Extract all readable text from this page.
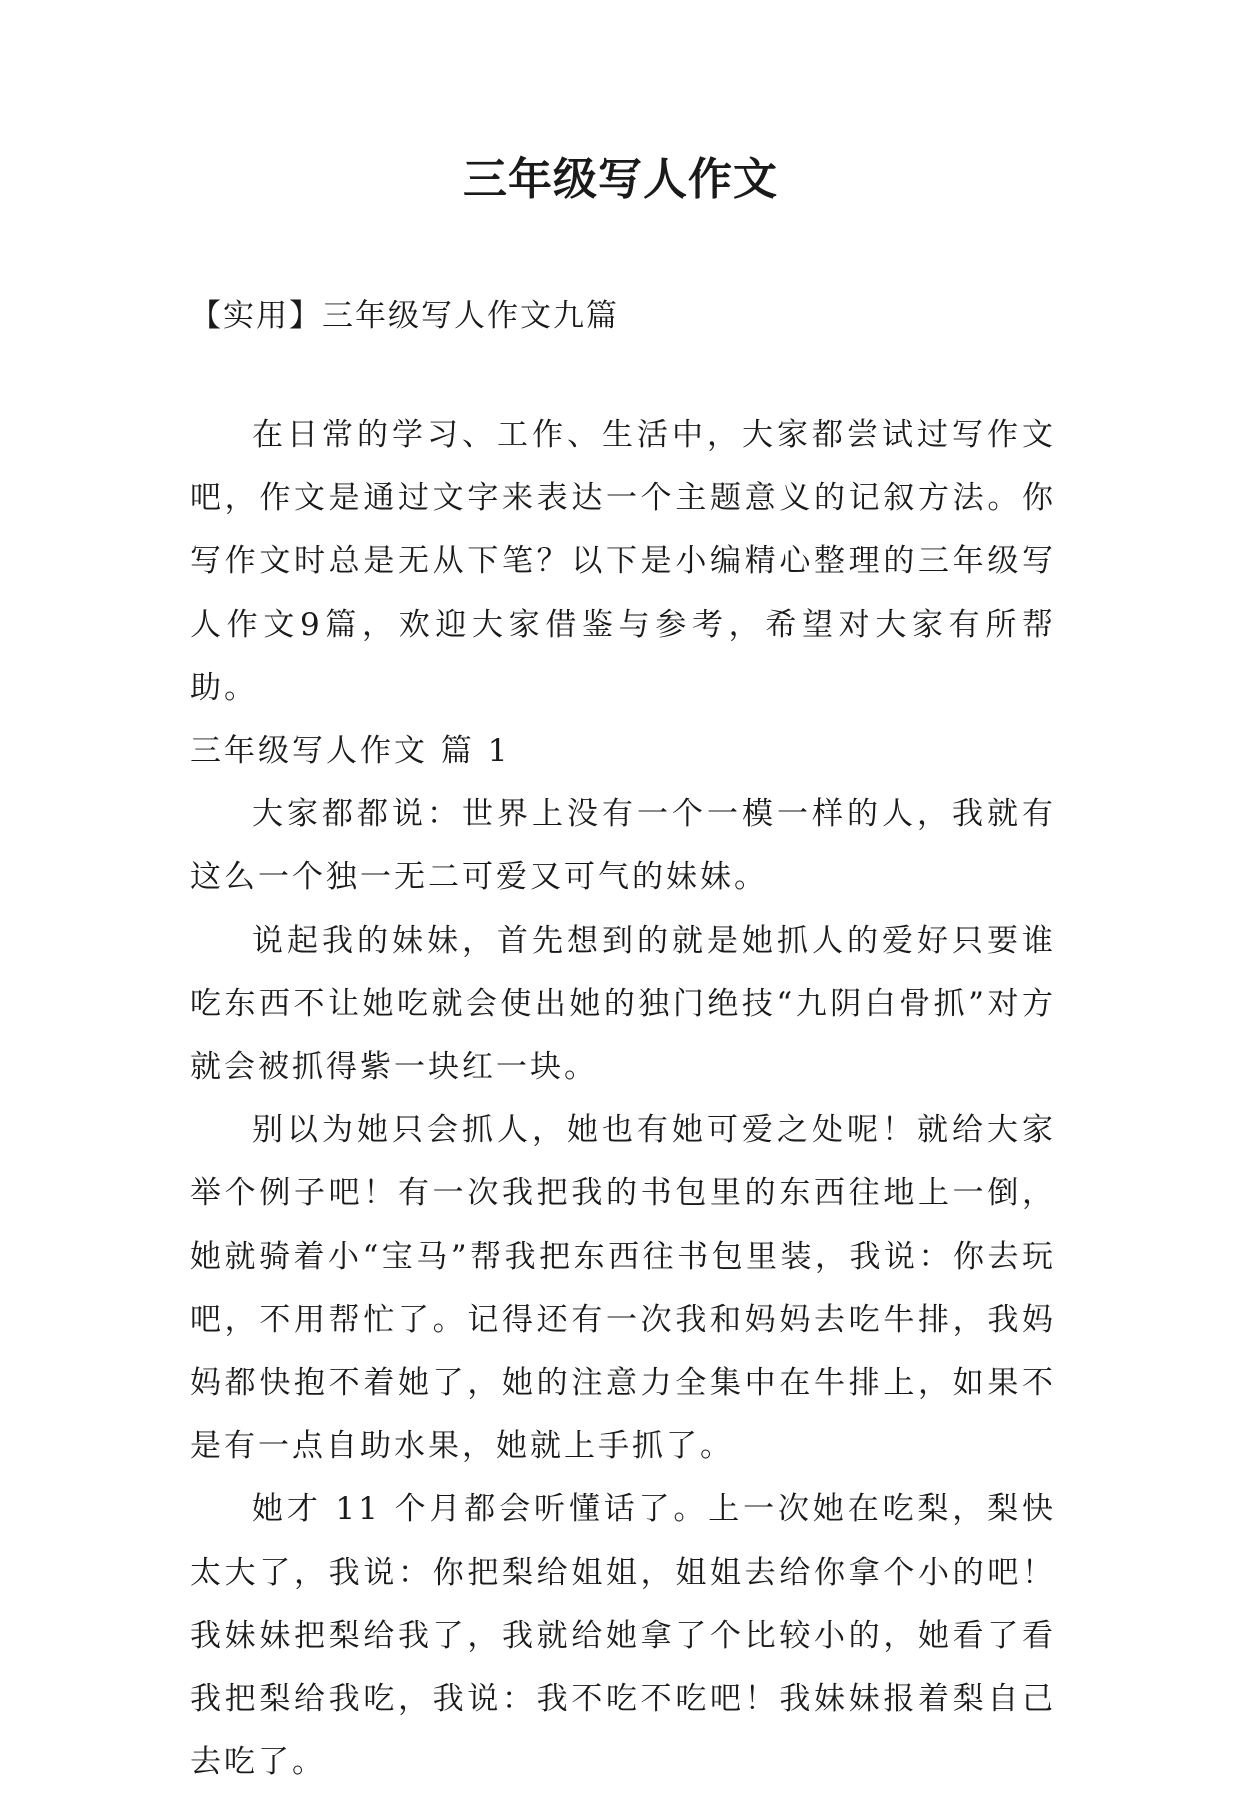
三年级写人作文
【实用】三年级写人作文九篇

在日常的学习、工作、生活中，大家都尝试过写作文吧，作文是通过文字来表达一个主题意义的记叙方法。你写作文时总是无从下笔？以下是小编精心整理的三年级写人作文9篇，欢迎大家借鉴与参考，希望对大家有所帮助。

三年级写人作文 篇 1

大家都都说：世界上没有一个一模一样的人，我就有这么一个独一无二可爱又可气的妹妹。

说起我的妹妹，首先想到的就是她抓人的爱好只要谁吃东西不让她吃就会使出她的独门绝技“九阴白骨抓”对方就会被抓得紫一块红一块。

别以为她只会抓人，她也有她可爱之处呢！就给大家举个例子吧！有一次我把我的书包里的东西往地上一倒，她就骑着小“宝马”帮我把东西往书包里装，我说：你去玩吧，不用帮忙了。记得还有一次我和妈妈去吃牛排，我妈妈都快抱不着她了，她的注意力全集中在牛排上，如果不是有一点自助水果，她就上手抓了。

她才 11 个月都会听懂话了。上一次她在吃梨，梨快太大了，我说：你把梨给姐姐，姐姐去给你拿个小的吧！我妹妹把梨给我了，我就给她拿了个比较小的，她看了看我把梨给我吃，我说：我不吃不吃吧！我妹妹报着梨自己去吃了。
